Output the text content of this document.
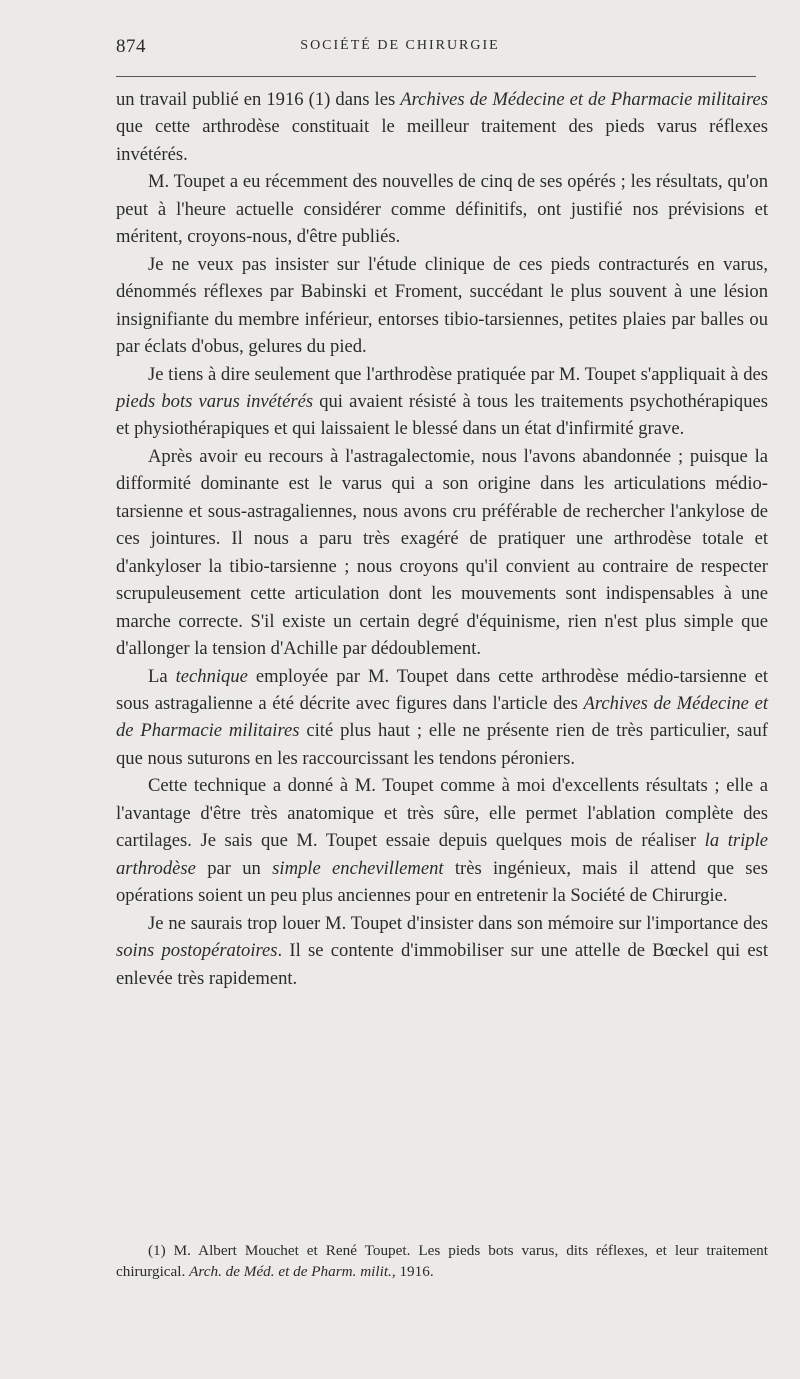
874	SOCIÉTÉ DE CHIRURGIE

un travail publié en 1916 (1) dans les Archives de Médecine et de Pharmacie militaires que cette arthrodèse constituait le meilleur traitement des pieds varus réflexes invétérés.

M. Toupet a eu récemment des nouvelles de cinq de ses opérés ; les résultats, qu'on peut à l'heure actuelle considérer comme définitifs, ont justifié nos prévisions et méritent, croyons-nous, d'être publiés.

Je ne veux pas insister sur l'étude clinique de ces pieds contracturés en varus, dénommés réflexes par Babinski et Froment, succédant le plus souvent à une lésion insignifiante du membre inférieur, entorses tibio-tarsiennes, petites plaies par balles ou par éclats d'obus, gelures du pied.

Je tiens à dire seulement que l'arthrodèse pratiquée par M. Toupet s'appliquait à des pieds bots varus invétérés qui avaient résisté à tous les traitements psychothérapiques et physiothérapiques et qui laissaient le blessé dans un état d'infirmité grave.

Après avoir eu recours à l'astragalectomie, nous l'avons abandonnée ; puisque la difformité dominante est le varus qui a son origine dans les articulations médio-tarsienne et sous-astragaliennes, nous avons cru préférable de rechercher l'ankylose de ces jointures. Il nous a paru très exagéré de pratiquer une arthrodèse totale et d'ankyloser la tibio-tarsienne ; nous croyons qu'il convient au contraire de respecter scrupuleusement cette articulation dont les mouvements sont indispensables à une marche correcte. S'il existe un certain degré d'équinisme, rien n'est plus simple que d'allonger la tension d'Achille par dédoublement.

La technique employée par M. Toupet dans cette arthrodèse médio-tarsienne et sous astragalienne a été décrite avec figures dans l'article des Archives de Médecine et de Pharmacie militaires cité plus haut ; elle ne présente rien de très particulier, sauf que nous suturons en les raccourcissant les tendons péroniers.

Cette technique a donné à M. Toupet comme à moi d'excellents résultats ; elle a l'avantage d'être très anatomique et très sûre, elle permet l'ablation complète des cartilages. Je sais que M. Toupet essaie depuis quelques mois de réaliser la triple arthrodèse par un simple enchevillement très ingénieux, mais il attend que ses opérations soient un peu plus anciennes pour en entretenir la Société de Chirurgie.

Je ne saurais trop louer M. Toupet d'insister dans son mémoire sur l'importance des soins postopératoires. Il se contente d'immobiliser sur une attelle de Bœckel qui est enlevée très rapidement.

(1) M. Albert Mouchet et René Toupet. Les pieds bots varus, dits réflexes, et leur traitement chirurgical. Arch. de Méd. et de Pharm. milit., 1916.
